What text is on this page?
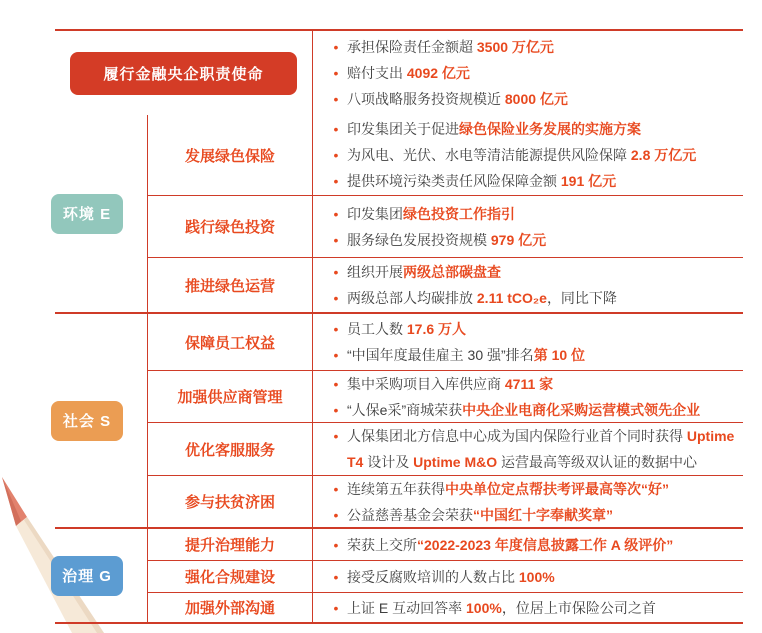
履行金融央企职责使命
• 承担保险责任金额超 3500 万亿元
• 赔付支出 4092 亿元
• 八项战略服务投资规模近 8000 亿元
环境 E
发展绿色保险
• 印发集团关于促进绿色保险业务发展的实施方案
• 为风电、光伏、水电等清洁能源提供风险保障 2.8 万亿元
• 提供环境污染类责任风险保障金额 191 亿元
践行绿色投资
• 印发集团绿色投资工作指引
• 服务绿色发展投资规模 979 亿元
推进绿色运营
• 组织开展两级总部碳盘查
• 两级总部人均碳排放 2.11 tCO₂e，同比下降
社会 S
保障员工权益
• 员工人数 17.6 万人
• “中国年度最佳雇主 30 强”排名第 10 位
加强供应商管理
• 集中采购项目入库供应商 4711 家
• “人保e采”商城荣获中央企业电商化采购运营模式领先企业
优化客服服务
• 人保集团北方信息中心成为国内保险行业首个同时获得 Uptime T4 设计及 Uptime M&O 运营最高等级双认证的数据中心
参与扶贫济困
• 连续第五年获得中央单位定点帮扶考评最高等次“好”
• 公益慈善基金会荣获“中国红十字奉献奖章”
治理 G
提升治理能力	• 荣获上交所“2022-2023 年度信息披露工作 A 级评价”
强化合规建设	• 接受反腐败培训的人数占比 100%
加强外部沟通	• 上证 E 互动回答率 100%，位居上市保险公司之首
